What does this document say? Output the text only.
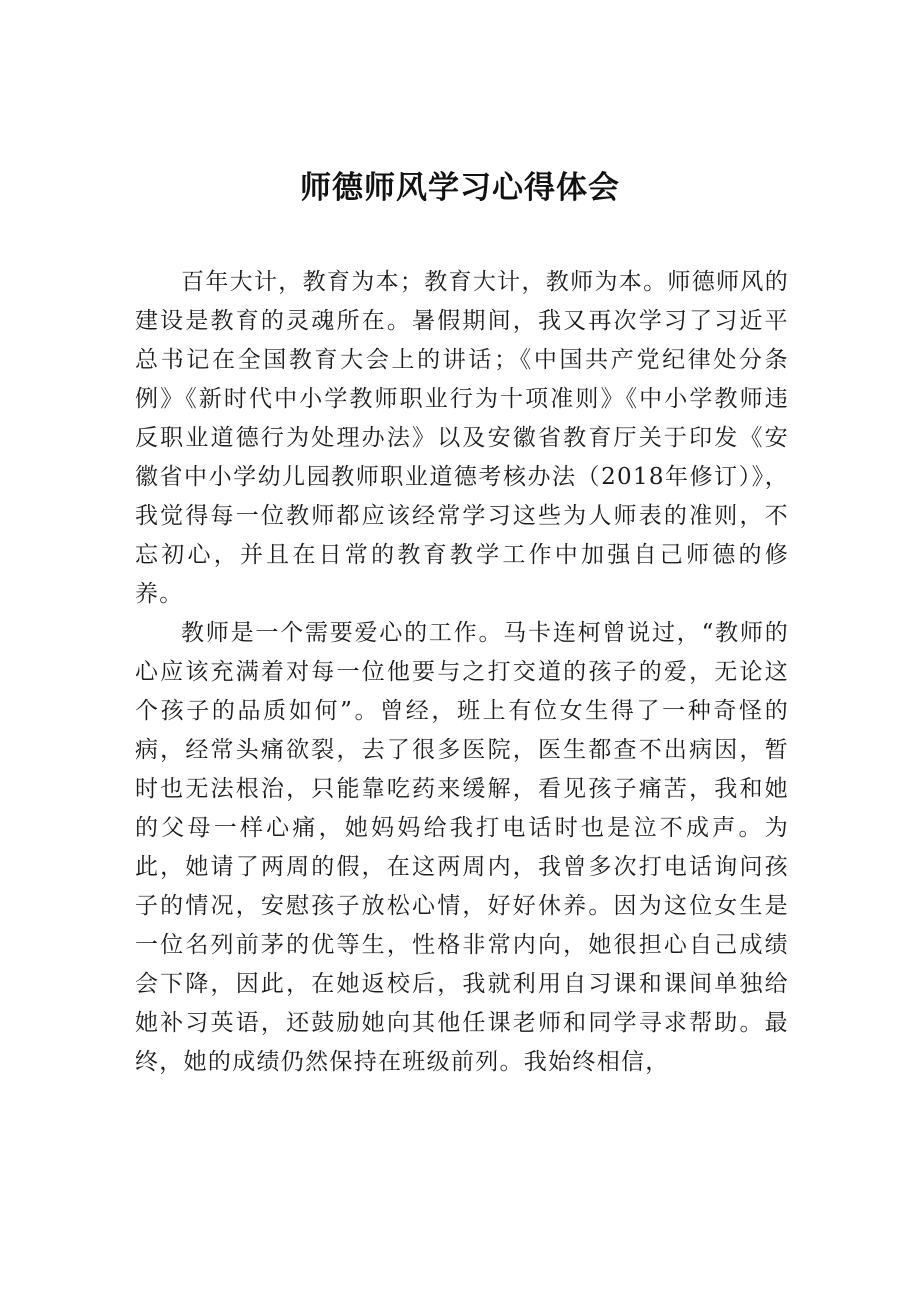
师德师风学习心得体会

百年大计，教育为本；教育大计，教师为本。师德师风的建设是教育的灵魂所在。暑假期间，我又再次学习了习近平总书记在全国教育大会上的讲话；《中国共产党纪律处分条例》《新时代中小学教师职业行为十项准则》《中小学教师违反职业道德行为处理办法》以及安徽省教育厅关于印发《安徽省中小学幼儿园教师职业道德考核办法（2018年修订）》，我觉得每一位教师都应该经常学习这些为人师表的准则，不忘初心，并且在日常的教育教学工作中加强自己师德的修养。

教师是一个需要爱心的工作。马卡连柯曾说过，“教师的心应该充满着对每一位他要与之打交道的孩子的爱，无论这个孩子的品质如何”。曾经，班上有位女生得了一种奇怪的病，经常头痛欲裂，去了很多医院，医生都查不出病因，暂时也无法根治，只能靠吃药来缓解，看见孩子痛苦，我和她的父母一样心痛，她妈妈给我打电话时也是泣不成声。为此，她请了两周的假，在这两周内，我曾多次打电话询问孩子的情况，安慰孩子放松心情，好好休养。因为这位女生是一位名列前茅的优等生，性格非常内向，她很担心自己成绩会下降，因此，在她返校后，我就利用自习课和课间单独给她补习英语，还鼓励她向其他任课老师和同学寻求帮助。最终，她的成绩仍然保持在班级前列。我始终相信，
